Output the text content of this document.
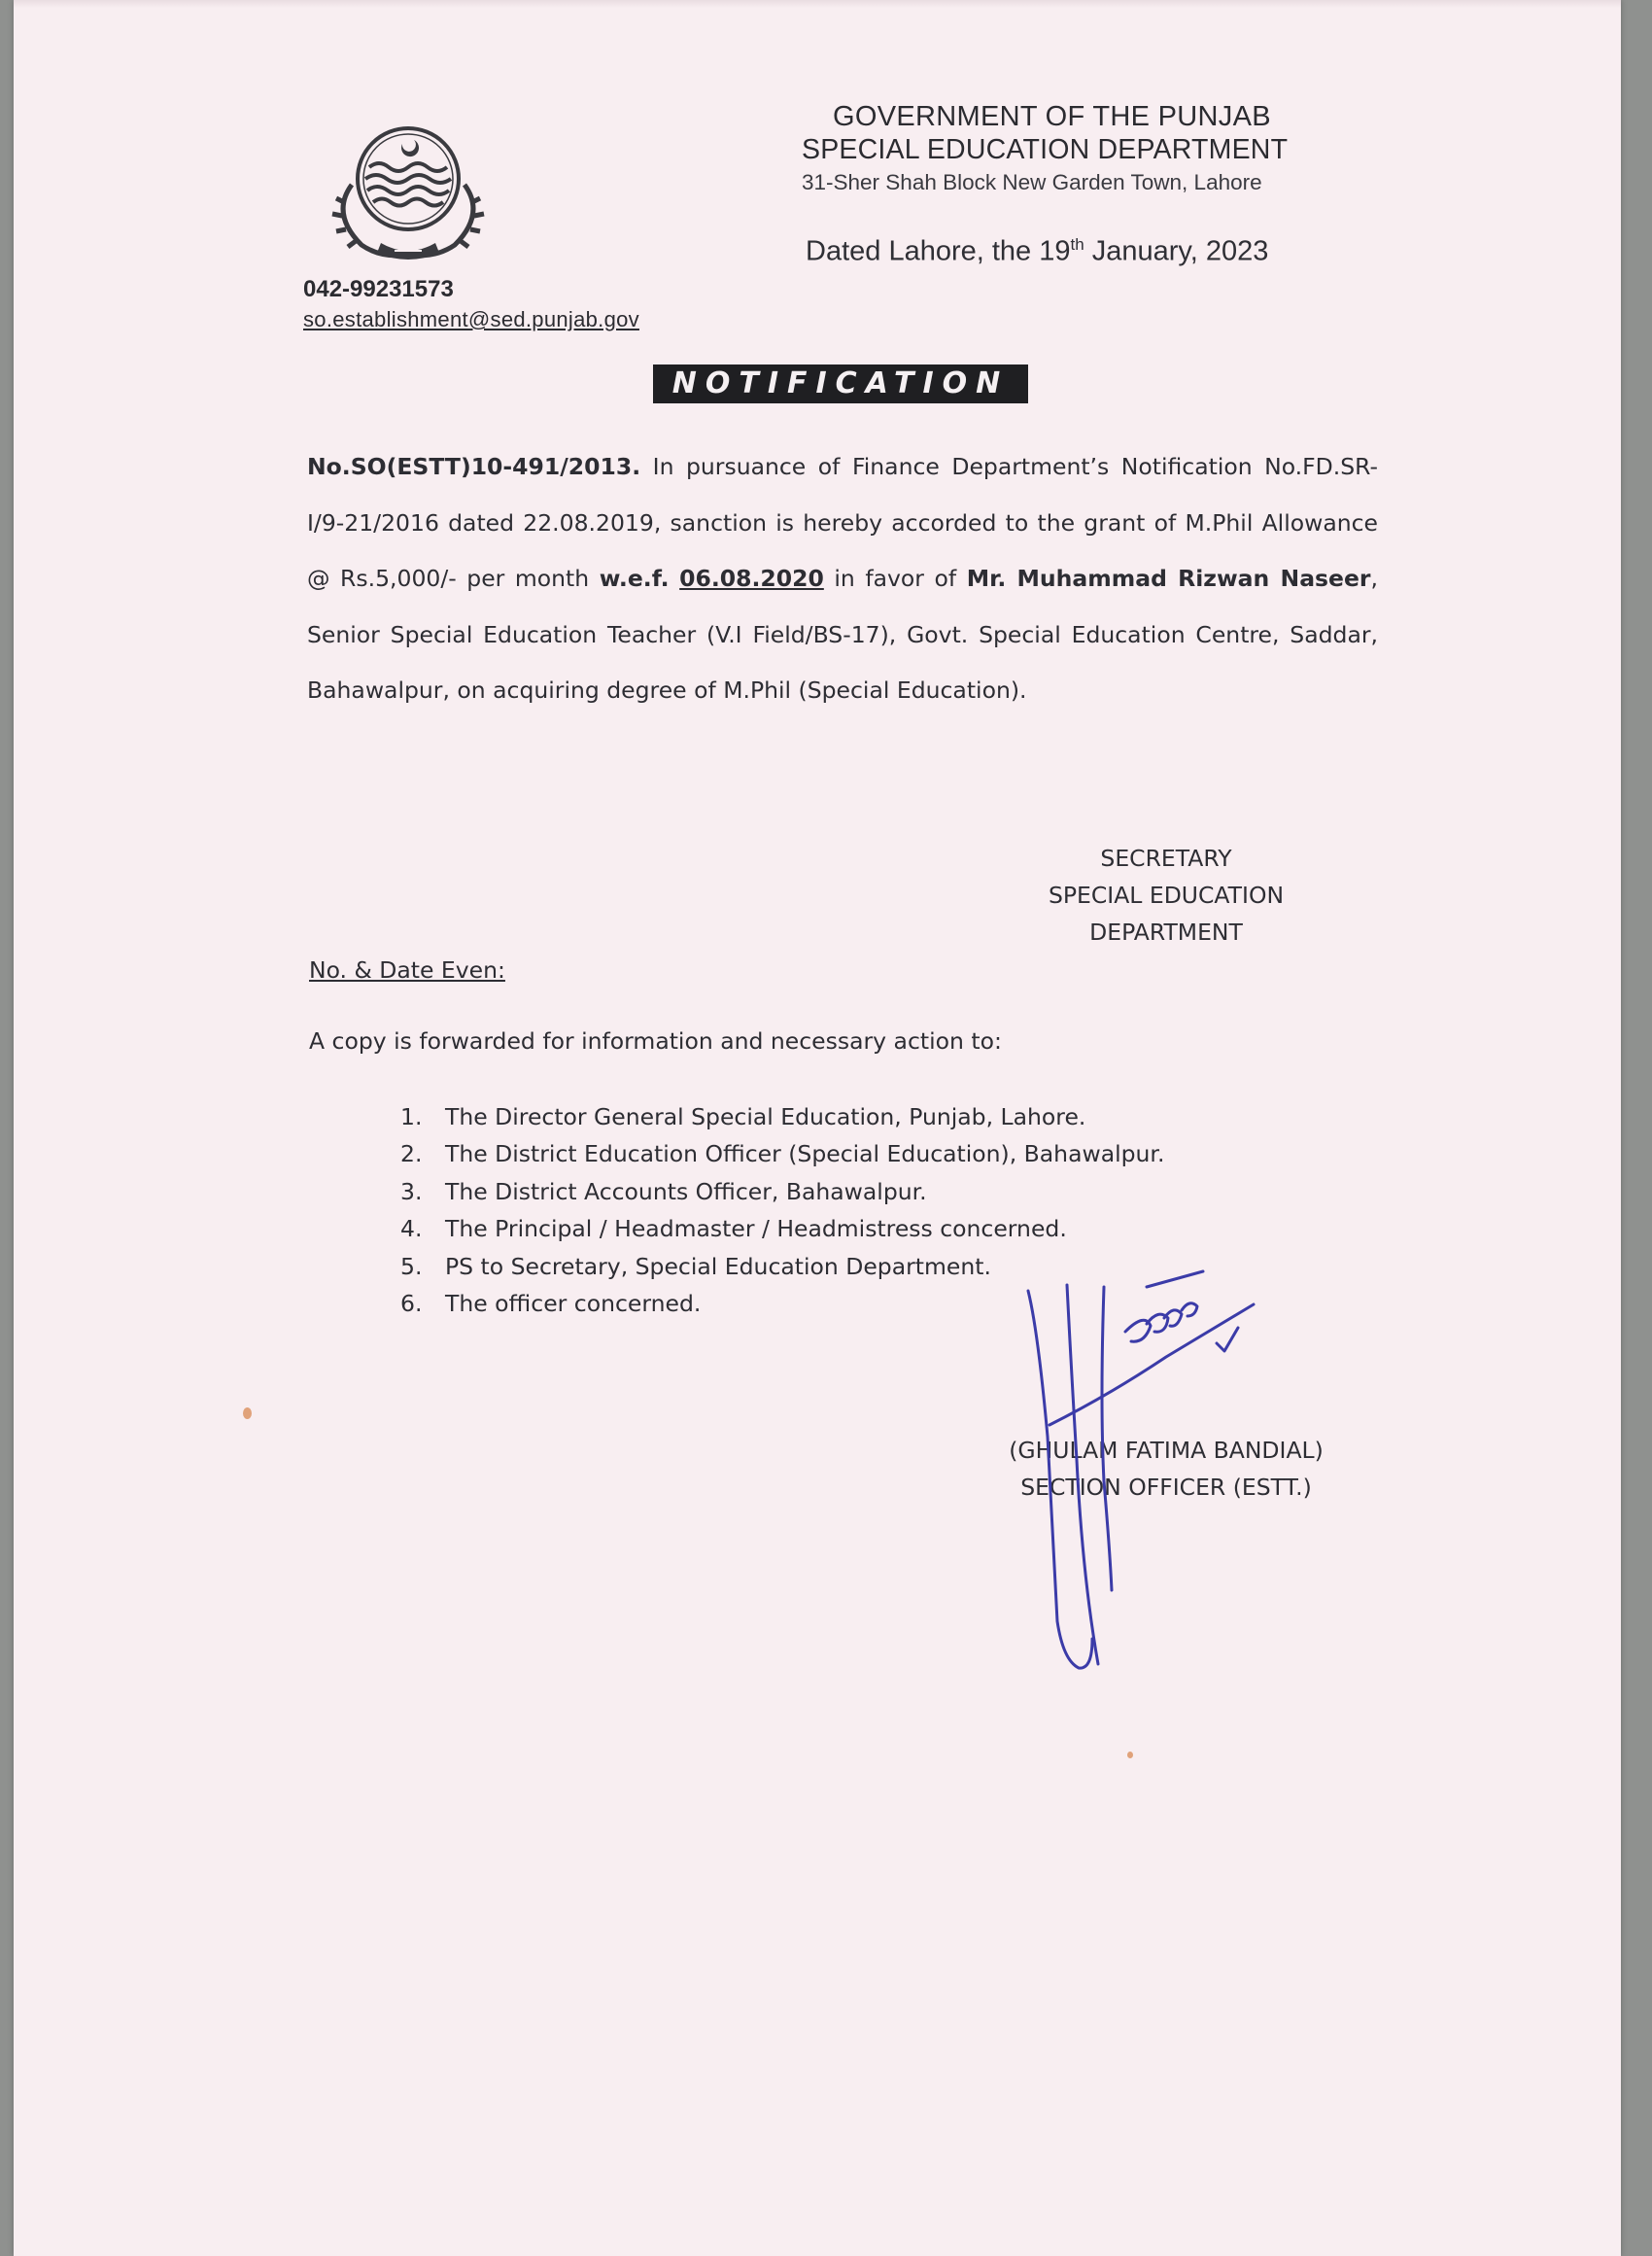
GOVERNMENT OF THE PUNJAB
SPECIAL EDUCATION DEPARTMENT
31-Sher Shah Block New Garden Town, Lahore
Dated Lahore, the 19th January, 2023
042-99231573
so.establishment@sed.punjab.gov
NOTIFICATION
No.SO(ESTT)10-491/2013. In pursuance of Finance Department’s Notification No.FD.SR-I/9-21/2016 dated 22.08.2019, sanction is hereby accorded to the grant of M.Phil Allowance @ Rs.5,000/- per month w.e.f. 06.08.2020 in favor of Mr. Muhammad Rizwan Naseer, Senior Special Education Teacher (V.I Field/BS-17), Govt. Special Education Centre, Saddar, Bahawalpur, on acquiring degree of M.Phil (Special Education).
SECRETARY
SPECIAL EDUCATION
DEPARTMENT
No. & Date Even:
A copy is forwarded for information and necessary action to:
1. The Director General Special Education, Punjab, Lahore.
2. The District Education Officer (Special Education), Bahawalpur.
3. The District Accounts Officer, Bahawalpur.
4. The Principal / Headmaster / Headmistress concerned.
5. PS to Secretary, Special Education Department.
6. The officer concerned.
(GHULAM FATIMA BANDIAL)
SECTION OFFICER (ESTT.)
